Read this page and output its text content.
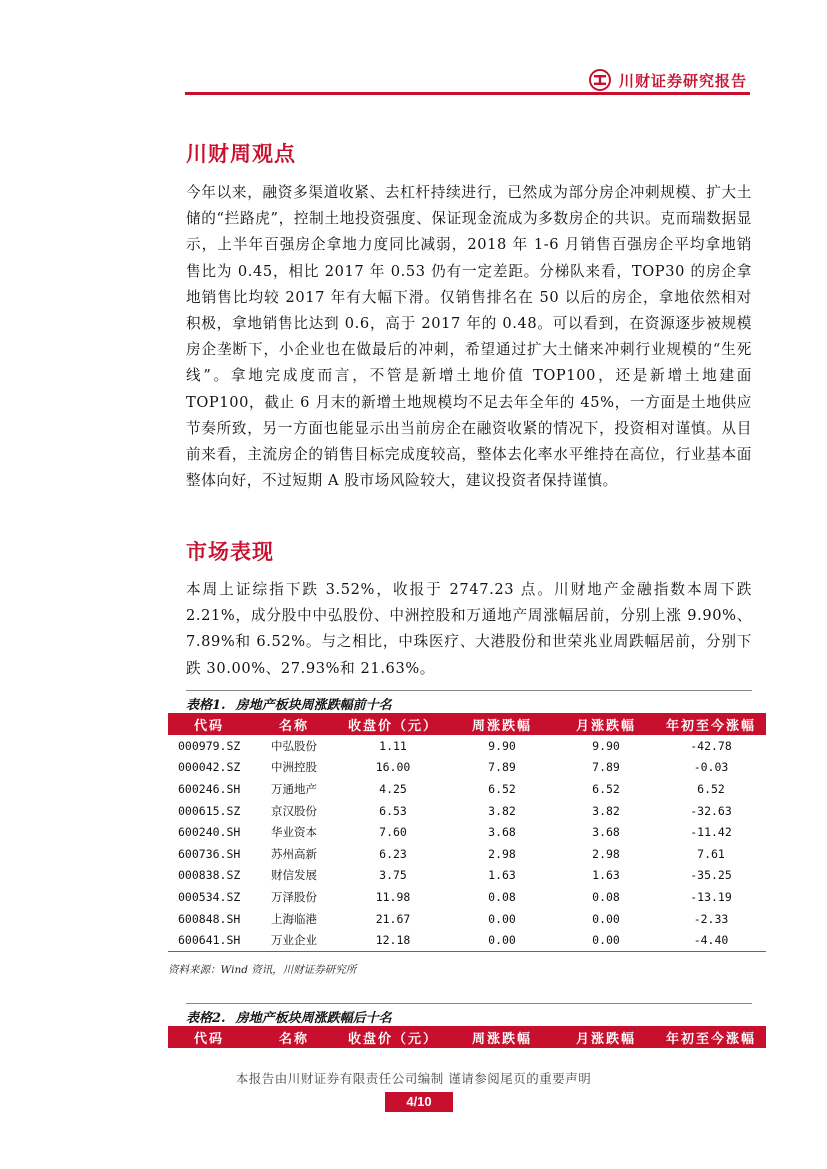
川财证券研究报告
川财周观点
今年以来，融资多渠道收紧、去杠杆持续进行，已然成为部分房企冲刺规模、扩大土储的“拦路虎”，控制土地投资强度、保证现金流成为多数房企的共识。克而瑞数据显示，上半年百强房企拿地力度同比减弱，2018 年 1-6 月销售百强房企平均拿地销售比为 0.45，相比 2017 年 0.53 仍有一定差距。分梯队来看，TOP30 的房企拿地销售比均较 2017 年有大幅下滑。仅销售排名在 50 以后的房企，拿地依然相对积极，拿地销售比达到 0.6，高于 2017 年的 0.48。可以看到，在资源逐步被规模房企垄断下，小企业也在做最后的冲刺，希望通过扩大土储来冲刺行业规模的“生死线”。拿地完成度而言，不管是新增土地价值 TOP100，还是新增土地建面 TOP100，截止 6 月末的新增土地规模均不足去年全年的 45%，一方面是土地供应节奏所致，另一方面也能显示出当前房企在融资收紧的情况下，投资相对谨慎。从目前来看，主流房企的销售目标完成度较高，整体去化率水平维持在高位，行业基本面整体向好，不过短期 A 股市场风险较大，建议投资者保持谨慎。
市场表现
本周上证综指下跌 3.52%，收报于 2747.23 点。川财地产金融指数本周下跌 2.21%，成分股中中弘股份、中洲控股和万通地产周涨幅居前，分别上涨 9.90%、7.89%和 6.52%。与之相比，中珠医疗、大港股份和世荣兆业周跌幅居前，分别下跌 30.00%、27.93%和 21.63%。
表格1. 房地产板块周涨跌幅前十名
代码	名称	收盘价（元）	周涨跌幅	月涨跌幅	年初至今涨幅
000979.SZ	中弘股份	1.11	9.90	9.90	-42.78
000042.SZ	中洲控股	16.00	7.89	7.89	-0.03
600246.SH	万通地产	4.25	6.52	6.52	6.52
000615.SZ	京汉股份	6.53	3.82	3.82	-32.63
600240.SH	华业资本	7.60	3.68	3.68	-11.42
600736.SH	苏州高新	6.23	2.98	2.98	7.61
000838.SZ	财信发展	3.75	1.63	1.63	-35.25
000534.SZ	万泽股份	11.98	0.08	0.08	-13.19
600848.SH	上海临港	21.67	0.00	0.00	-2.33
600641.SH	万业企业	12.18	0.00	0.00	-4.40
资料来源：Wind 资讯，川财证券研究所
表格2. 房地产板块周涨跌幅后十名
代码	名称	收盘价（元）	周涨跌幅	月涨跌幅	年初至今涨幅
本报告由川财证券有限责任公司编制 谨请参阅尾页的重要声明
4/10
